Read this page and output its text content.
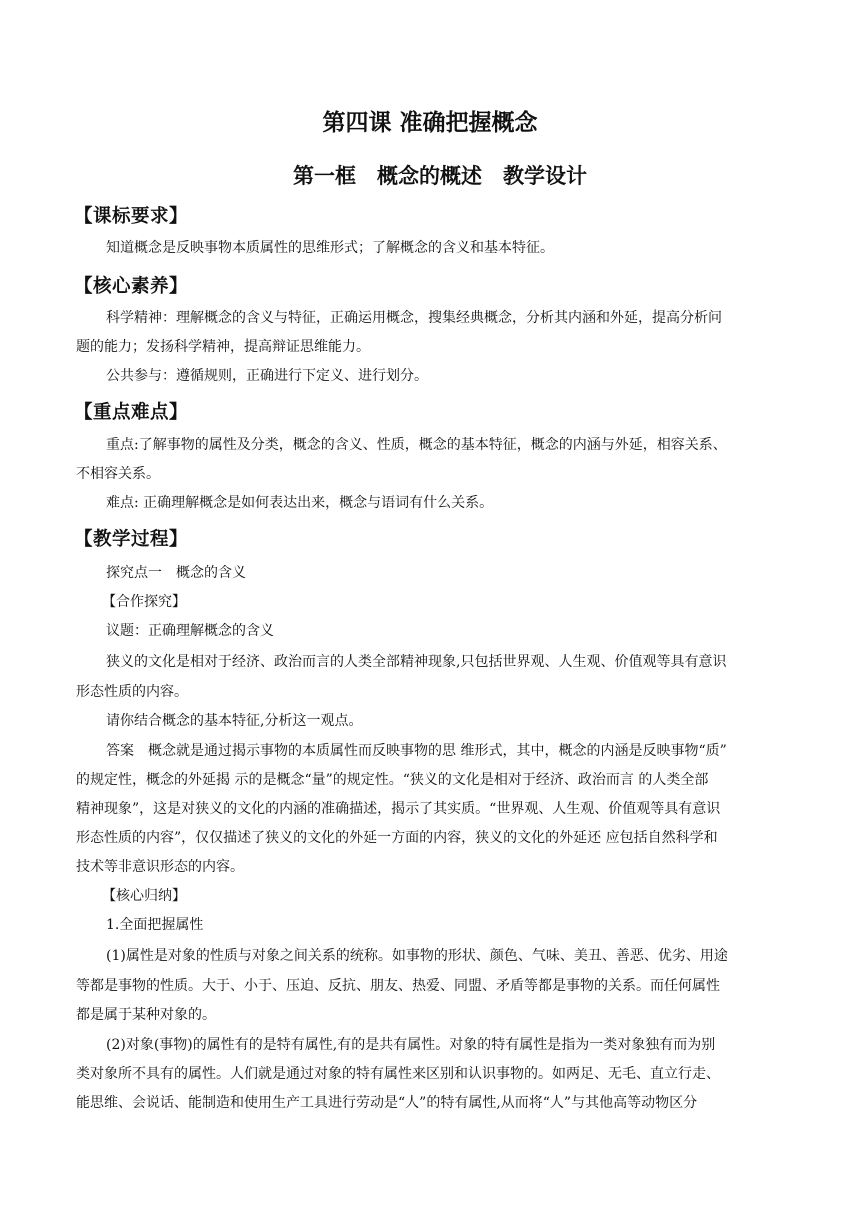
第四课 准确把握概念
第一框　概念的概述　教学设计
【课标要求】

知道概念是反映事物本质属性的思维形式；了解概念的含义和基本特征。

【核心素养】

科学精神：理解概念的含义与特征，正确运用概念，搜集经典概念，分析其内涵和外延，提高分析问

题的能力；发扬科学精神，提高辩证思维能力。

公共参与：遵循规则，正确进行下定义、进行划分。

【重点难点】

重点:了解事物的属性及分类，概念的含义、性质，概念的基本特征，概念的内涵与外延，相容关系、

不相容关系。

难点: 正确理解概念是如何表达出来，概念与语词有什么关系。

【教学过程】

探究点一　概念的含义

【合作探究】

议题：正确理解概念的含义

狭义的文化是相对于经济、政治而言的人类全部精神现象,只包括世界观、人生观、价值观等具有意识

形态性质的内容。

请你结合概念的基本特征,分析这一观点。

答案　概念就是通过揭示事物的本质属性而反映事物的思 维形式，其中，概念的内涵是反映事物“质”

的规定性，概念的外延揭 示的是概念“量”的规定性。“狭义的文化是相对于经济、政治而言 的人类全部

精神现象”，这是对狭义的文化的内涵的准确描述，揭示了其实质。“世界观、人生观、价值观等具有意识

形态性质的内容”，仅仅描述了狭义的文化的外延一方面的内容，狭义的文化的外延还 应包括自然科学和

技术等非意识形态的内容。

【核心归纳】

1.全面把握属性

(1)属性是对象的性质与对象之间关系的统称。如事物的形状、颜色、气味、美丑、善恶、优劣、用途

等都是事物的性质。大于、小于、压迫、反抗、朋友、热爱、同盟、矛盾等都是事物的关系。而任何属性

都是属于某种对象的。

(2)对象(事物)的属性有的是特有属性,有的是共有属性。对象的特有属性是指为一类对象独有而为别

类对象所不具有的属性。人们就是通过对象的特有属性来区别和认识事物的。如两足、无毛、直立行走、

能思维、会说话、能制造和使用生产工具进行劳动是“人”的特有属性,从而将“人”与其他高等动物区分
